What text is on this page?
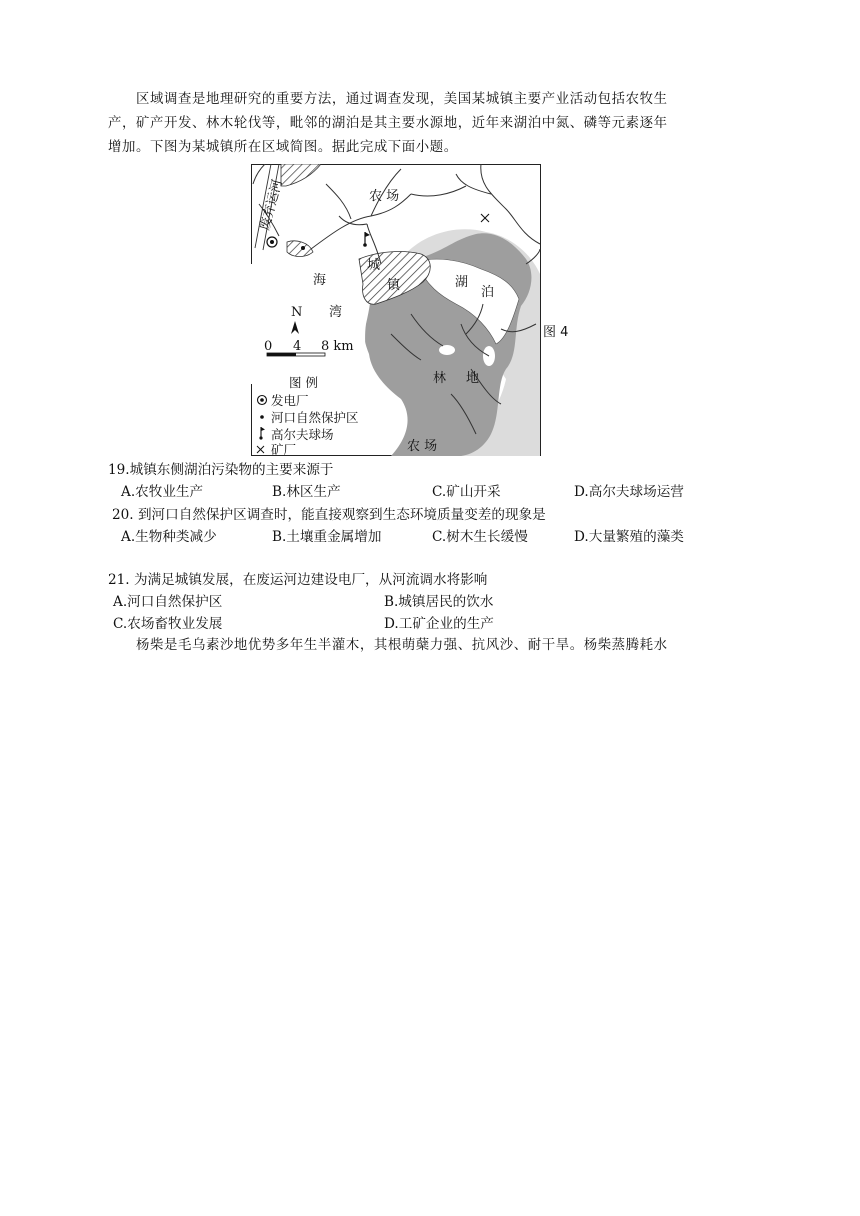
区域调查是地理研究的重要方法，通过调查发现，美国某城镇主要产业活动包括农牧生
产，矿产开发、林木轮伐等，毗邻的湖泊是其主要水源地，近年来湖泊中氮、磷等元素逐年
增加。下图为某城镇所在区域简图。据此完成下面小题。
农 场
废弃运河
海
湾
城
镇	湖
泊
林 地
农 场
N
0 4 8 km
图 例
发电厂
河口自然保护区
高尔夫球场
矿厂
图 4
19.城镇东侧湖泊污染物的主要来源于
A.农牧业生产	B.林区生产	C.矿山开采	D.高尔夫球场运营
20. 到河口自然保护区调查时，能直接观察到生态环境质量变差的现象是
A.生物种类减少	B.土壤重金属增加	C.树木生长缓慢	D.大量繁殖的藻类
21. 为满足城镇发展，在废运河边建设电厂，从河流调水将影响
A.河口自然保护区	B.城镇居民的饮水
C.农场畜牧业发展	D.工矿企业的生产
杨柴是毛乌素沙地优势多年生半灌木，其根萌蘖力强、抗风沙、耐干旱。杨柴蒸腾耗水
